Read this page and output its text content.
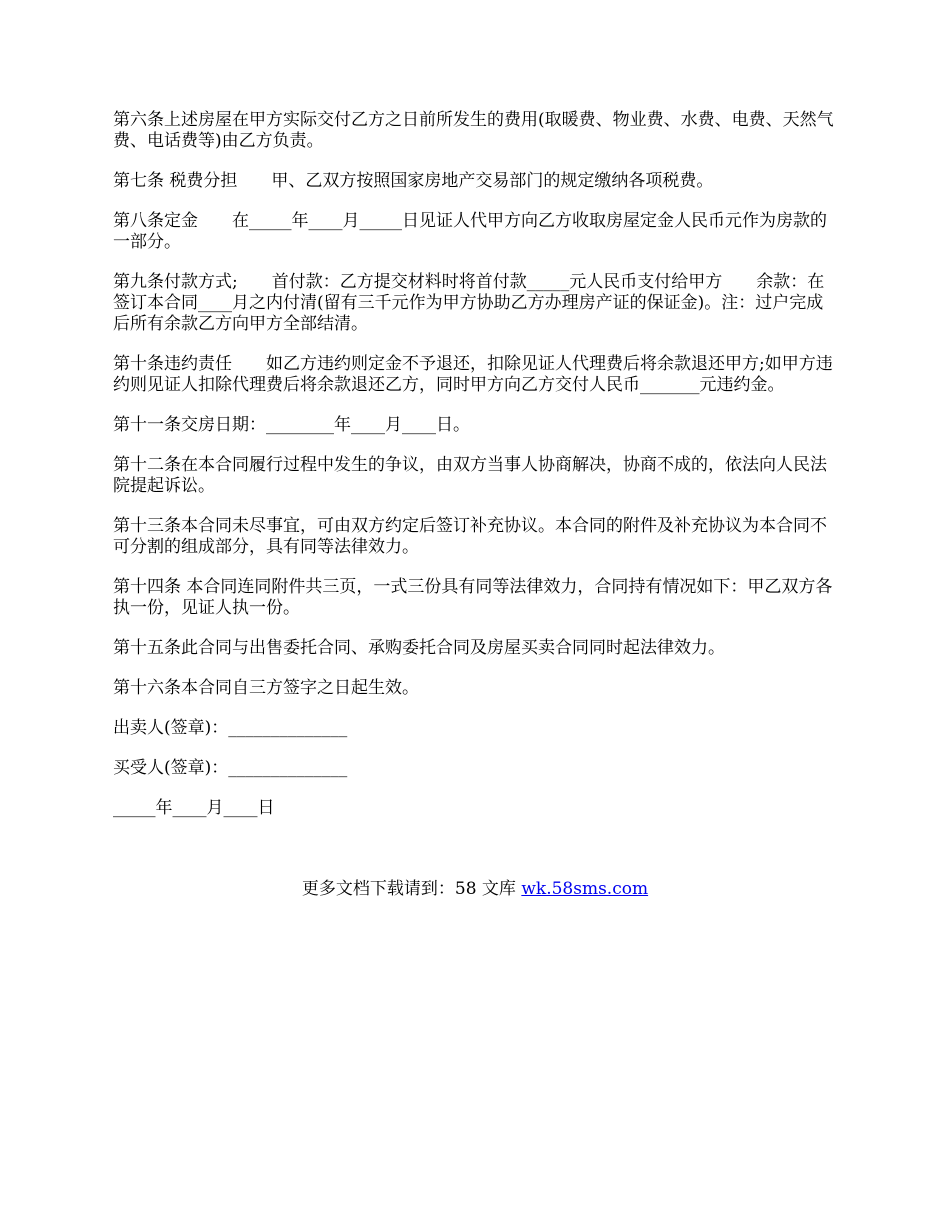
第六条上述房屋在甲方实际交付乙方之日前所发生的费用(取暖费、物业费、水费、电费、天然气费、电话费等)由乙方负责。

第七条 税费分担　　甲、乙双方按照国家房地产交易部门的规定缴纳各项税费。

第八条定金　　在_____年____月_____日见证人代甲方向乙方收取房屋定金人民币元作为房款的一部分。

第九条付款方式;　　首付款：乙方提交材料时将首付款_____元人民币支付给甲方　　余款：在签订本合同____月之内付清(留有三千元作为甲方协助乙方办理房产证的保证金)。注：过户完成后所有余款乙方向甲方全部结清。

第十条违约责任　　如乙方违约则定金不予退还，扣除见证人代理费后将余款退还甲方;如甲方违约则见证人扣除代理费后将余款退还乙方，同时甲方向乙方交付人民币_______元违约金。

第十一条交房日期：________年____月____日。

第十二条在本合同履行过程中发生的争议，由双方当事人协商解决，协商不成的，依法向人民法院提起诉讼。

第十三条本合同未尽事宜，可由双方约定后签订补充协议。本合同的附件及补充协议为本合同不可分割的组成部分，具有同等法律效力。

第十四条 本合同连同附件共三页，一式三份具有同等法律效力，合同持有情况如下：甲乙双方各执一份，见证人执一份。

第十五条此合同与出售委托合同、承购委托合同及房屋买卖合同同时起法律效力。

第十六条本合同自三方签字之日起生效。

出卖人(签章)：______________

买受人(签章)：______________

_____年____月____日

更多文档下载请到：58 文库 wk.58sms.com
